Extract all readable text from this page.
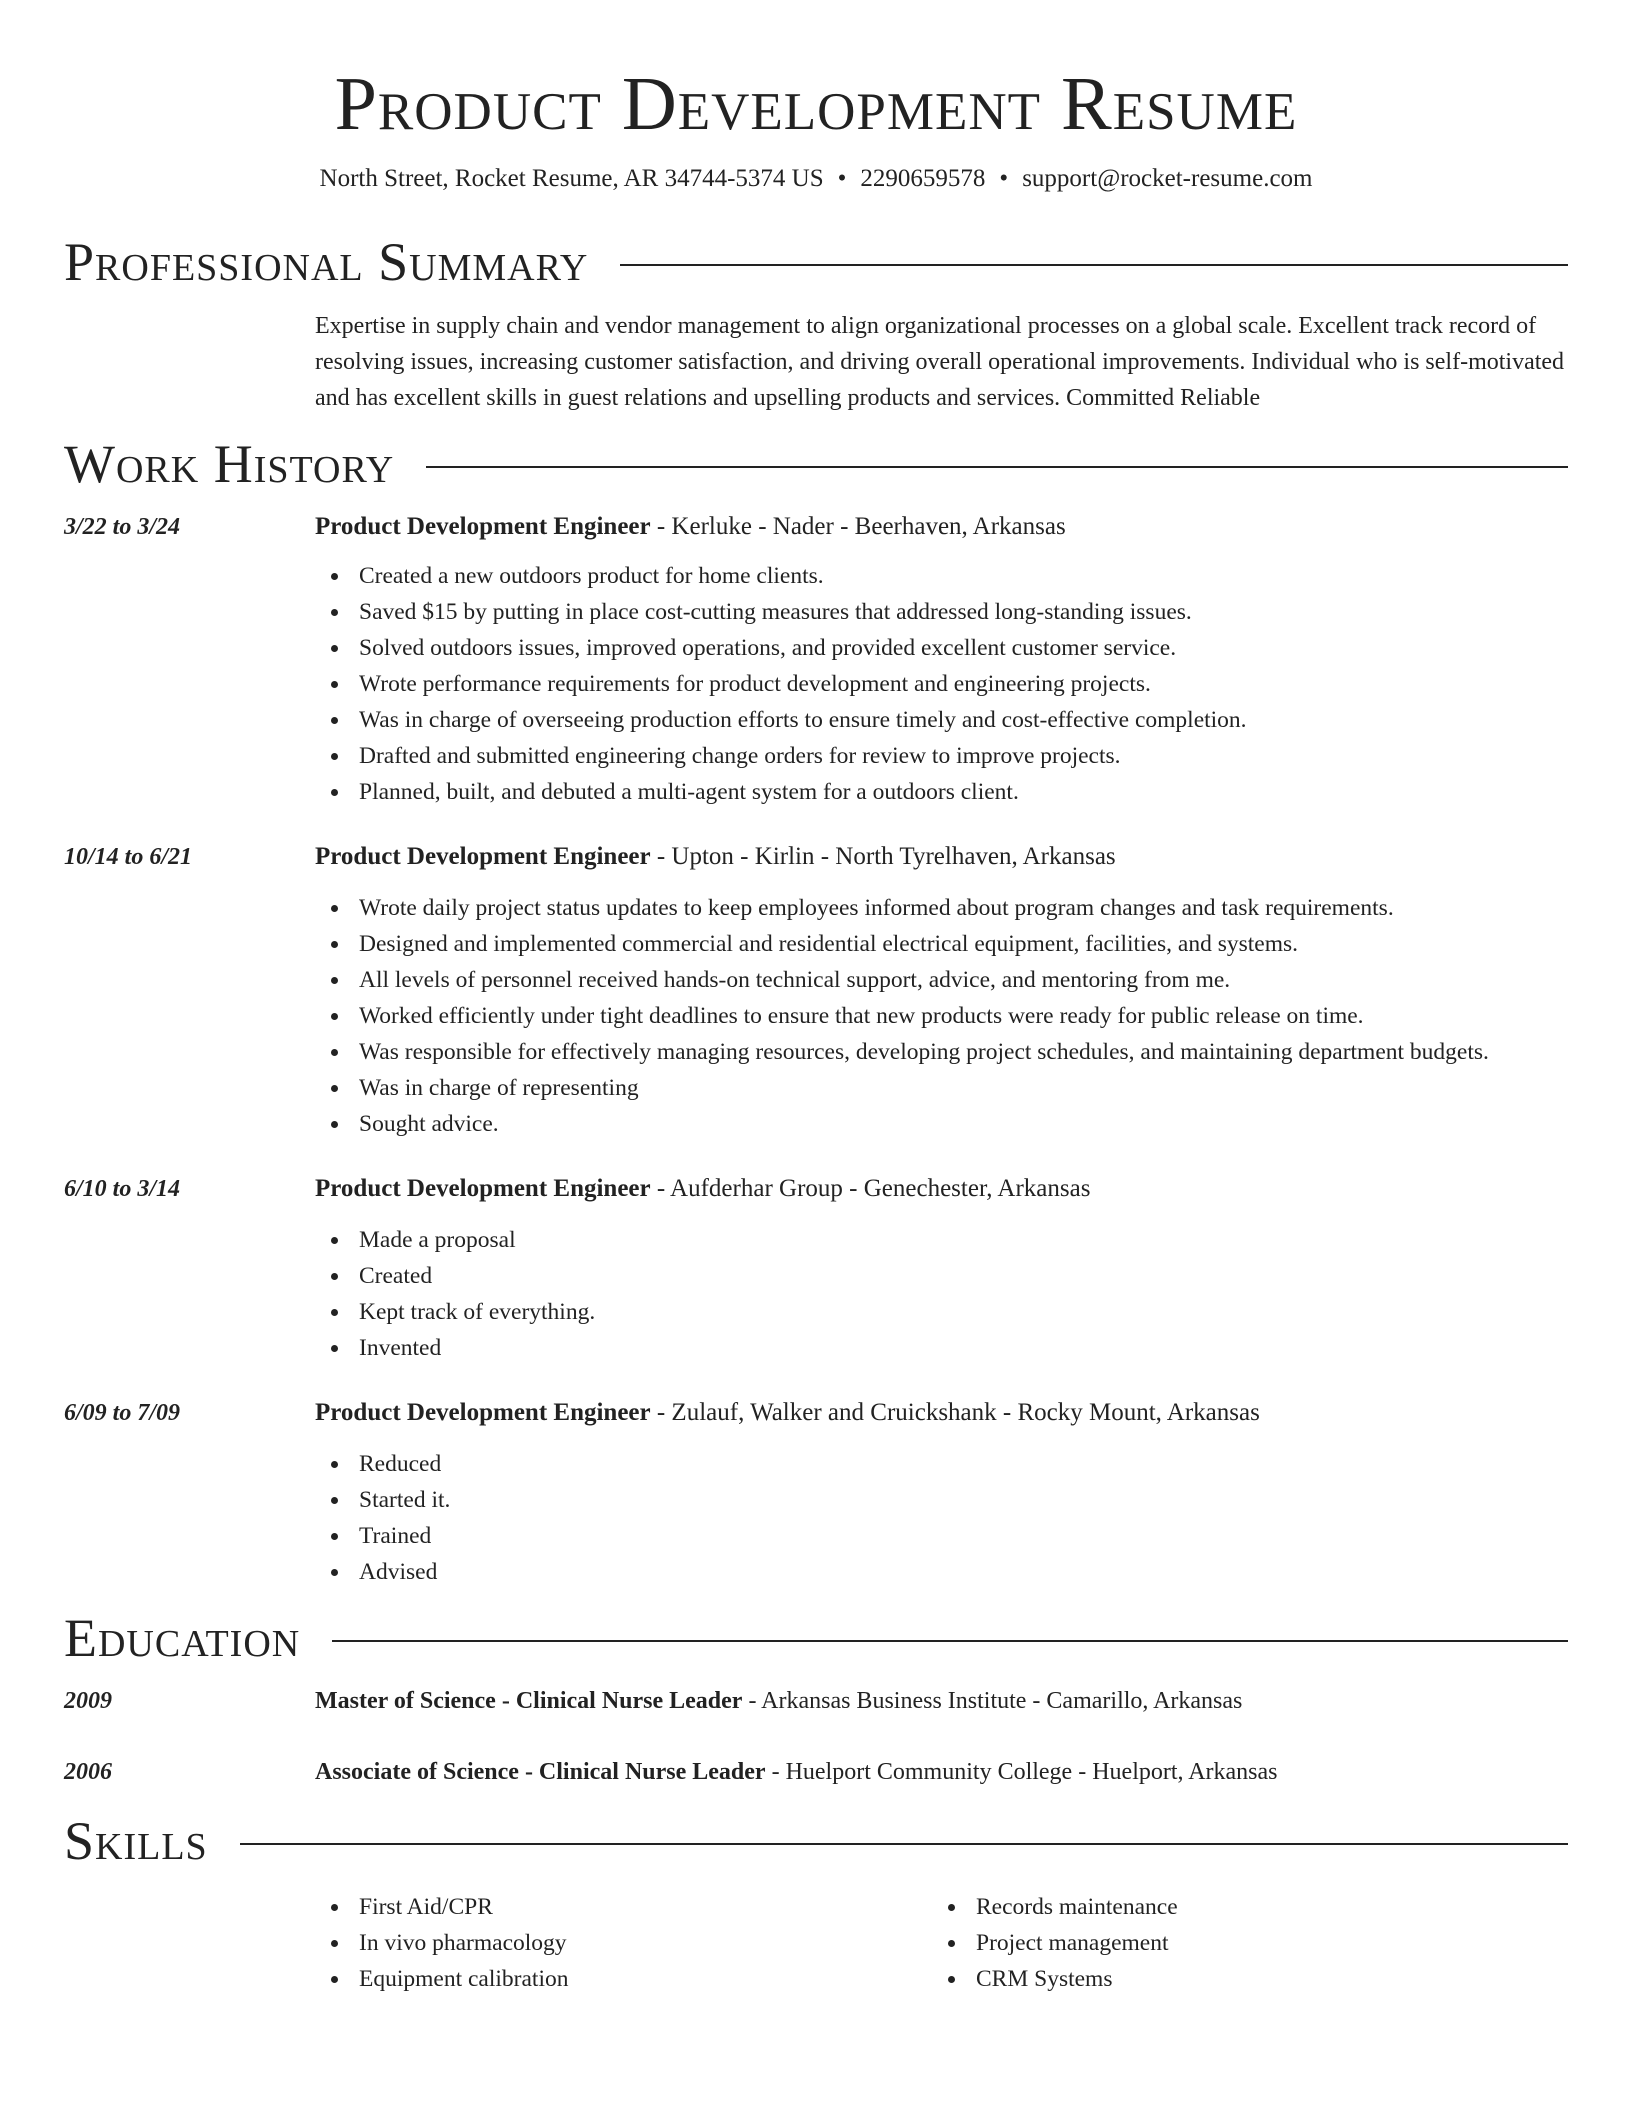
Product Development Resume
North Street, Rocket Resume, AR 34744-5374 US • 2290659578 • support@rocket-resume.com
Professional Summary
Expertise in supply chain and vendor management to align organizational processes on a global scale. Excellent track record of resolving issues, increasing customer satisfaction, and driving overall operational improvements. Individual who is self-motivated and has excellent skills in guest relations and upselling products and services. Committed Reliable
Work History
3/22 to 3/24	Product Development Engineer - Kerluke - Nader - Beerhaven, Arkansas
Created a new outdoors product for home clients.
Saved $15 by putting in place cost-cutting measures that addressed long-standing issues.
Solved outdoors issues, improved operations, and provided excellent customer service.
Wrote performance requirements for product development and engineering projects.
Was in charge of overseeing production efforts to ensure timely and cost-effective completion.
Drafted and submitted engineering change orders for review to improve projects.
Planned, built, and debuted a multi-agent system for a outdoors client.
10/14 to 6/21	Product Development Engineer - Upton - Kirlin - North Tyrelhaven, Arkansas
Wrote daily project status updates to keep employees informed about program changes and task requirements.
Designed and implemented commercial and residential electrical equipment, facilities, and systems.
All levels of personnel received hands-on technical support, advice, and mentoring from me.
Worked efficiently under tight deadlines to ensure that new products were ready for public release on time.
Was responsible for effectively managing resources, developing project schedules, and maintaining department budgets.
Was in charge of representing
Sought advice.
6/10 to 3/14	Product Development Engineer - Aufderhar Group - Genechester, Arkansas
Made a proposal
Created
Kept track of everything.
Invented
6/09 to 7/09	Product Development Engineer - Zulauf, Walker and Cruickshank - Rocky Mount, Arkansas
Reduced
Started it.
Trained
Advised
Education
2009	Master of Science - Clinical Nurse Leader - Arkansas Business Institute - Camarillo, Arkansas
2006	Associate of Science - Clinical Nurse Leader - Huelport Community College - Huelport, Arkansas
Skills
First Aid/CPR
In vivo pharmacology
Equipment calibration
Records maintenance
Project management
CRM Systems
